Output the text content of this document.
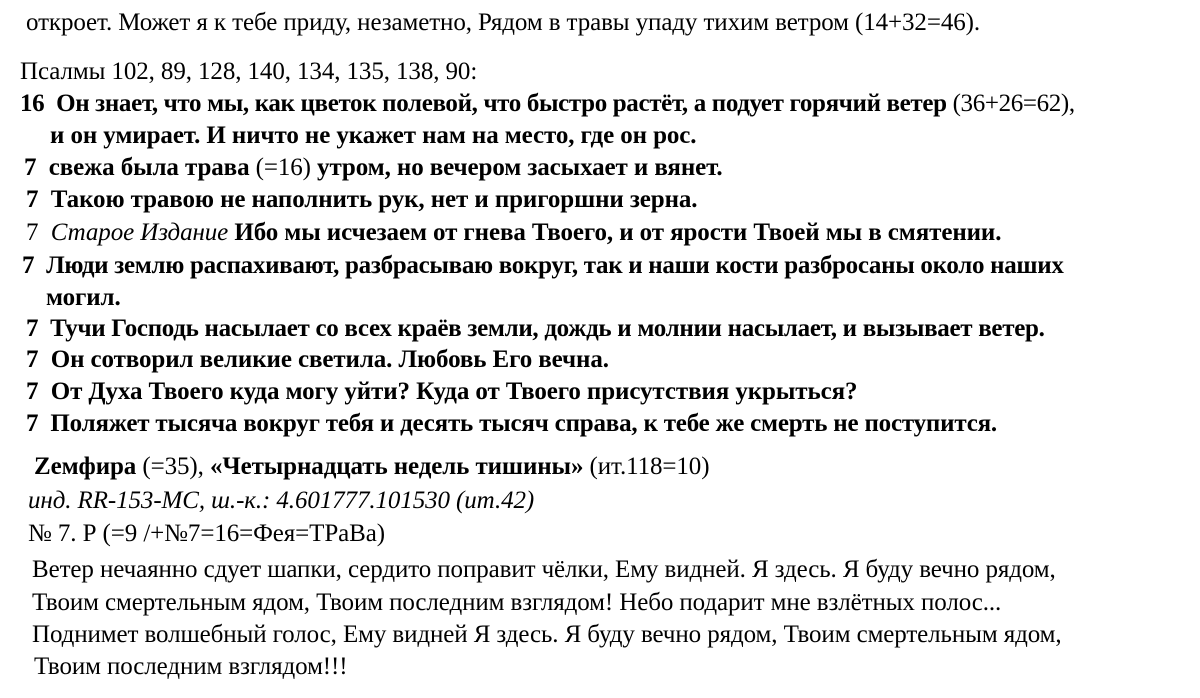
откроет. Может я к тебе приду, незаметно, Рядом в травы упаду тихим ветром (14+32=46).
Псалмы 102, 89, 128, 140, 134, 135, 138, 90:
16 Он знает, что мы, как цветок полевой, что быстро растёт, а подует горячий ветер (36+26=62),
и он умирает. И ничто не укажет нам на место, где он рос.
7 свежа была трава (=16) утром, но вечером засыхает и вянет.
7 Такою травою не наполнить рук, нет и пригоршни зерна.
7 Старое Издание Ибо мы исчезаем от гнева Твоего, и от ярости Твоей мы в смятении.
7 Люди землю распахивают, разбрасываю вокруг, так и наши кости разбросаны около наших
могил.
7 Тучи Господь насылает со всех краёв земли, дождь и молнии насылает, и вызывает ветер.
7 Он сотворил великие светила. Любовь Его вечна.
7 От Духа Твоего куда могу уйти? Куда от Твоего присутствия укрыться?
7 Поляжет тысяча вокруг тебя и десять тысяч справа, к тебе же смерть не поступится.
Zемфира (=35), «Четырнадцать недель тишины» (ит.118=10)
инд. RR-153-MC, ш.-к.: 4.601777.101530 (ит.42)
№ 7. Р (=9 /+№7=16=Фея=ТРаВа)
Ветер нечаянно сдует шапки, сердито поправит чёлки, Ему видней. Я здесь. Я буду вечно рядом,
Твоим смертельным ядом, Твоим последним взглядом! Небо подарит мне взлётных полос...
Поднимет волшебный голос, Ему видней Я здесь. Я буду вечно рядом, Твоим смертельным ядом,
Твоим последним взглядом!!!
